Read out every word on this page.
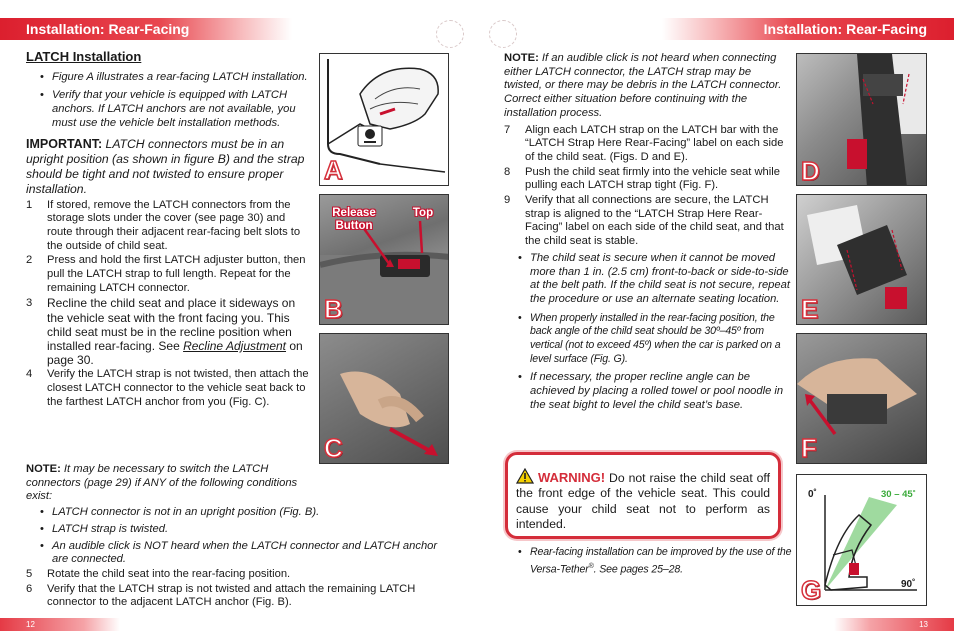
Installation: Rear-Facing	Installation: Rear-Facing

LATCH Installation

• Figure A illustrates a rear-facing LATCH installation.

• Verify that your vehicle is equipped with LATCH anchors. If LATCH anchors are not available, you must use the vehicle belt installation methods.

IMPORTANT: LATCH connectors must be in an upright position (as shown in figure B) and the strap should be tight and not twisted to ensure proper installation.

1 If stored, remove the LATCH connectors from the storage slots under the cover (see page 30) and route through their adjacent rear-facing belt slots to the outside of child seat.

2 Press and hold the first LATCH adjuster button, then pull the LATCH strap to full length. Repeat for the remaining LATCH connector.

3 Recline the child seat and place it sideways on the vehicle seat with the front facing you. This child seat must be in the recline position when installed rear-facing. See Recline Adjustment on page 30.

4 Verify the LATCH strap is not twisted, then attach the closest LATCH connector to the vehicle seat back to the farthest LATCH anchor from you (Fig. C).

NOTE: It may be necessary to switch the LATCH connectors (page 29) if ANY of the following conditions exist:

• LATCH connector is not in an upright position (Fig. B).

• LATCH strap is twisted.

• An audible click is NOT heard when the LATCH connector and LATCH anchor are connected.

5 Rotate the child seat into the rear-facing position.

6 Verify that the LATCH strap is not twisted and attach the remaining LATCH connector to the adjacent LATCH anchor (Fig. B).

A
Release Button
Top
B
C

NOTE: If an audible click is not heard when connecting either LATCH connector, the LATCH strap may be twisted, or there may be debris in the LATCH connector. Correct either situation before continuing with the installation process.

7 Align each LATCH strap on the LATCH bar with the “LATCH Strap Here Rear-Facing” label on each side of the child seat. (Figs. D and E).

8 Push the child seat firmly into the vehicle seat while pulling each LATCH strap tight (Fig. F).

9 Verify that all connections are secure, the LATCH strap is aligned to the “LATCH Strap Here Rear-Facing” label on each side of the child seat, and that the child seat is stable.

• The child seat is secure when it cannot be moved more than 1 in. (2.5 cm) front-to-back or side-to-side at the belt path. If the child seat is not secure, repeat the procedure or use an alternate seating location.

• When properly installed in the rear-facing position, the back angle of the child seat should be 30º–45º from vertical (not to exceed 45º) when the car is parked on a level surface (Fig. G).

• If necessary, the proper recline angle can be achieved by placing a rolled towel or pool noodle in the seat bight to level the child seat’s base.

WARNING! Do not raise the child seat off the front edge of the vehicle seat. This could cause your child seat not to perform as intended.

• Rear-facing installation can be improved by the use of the Versa-Tether®. See pages 25–28.

D
E
F
0˚	30 – 45˚
90˚
G
12	13
